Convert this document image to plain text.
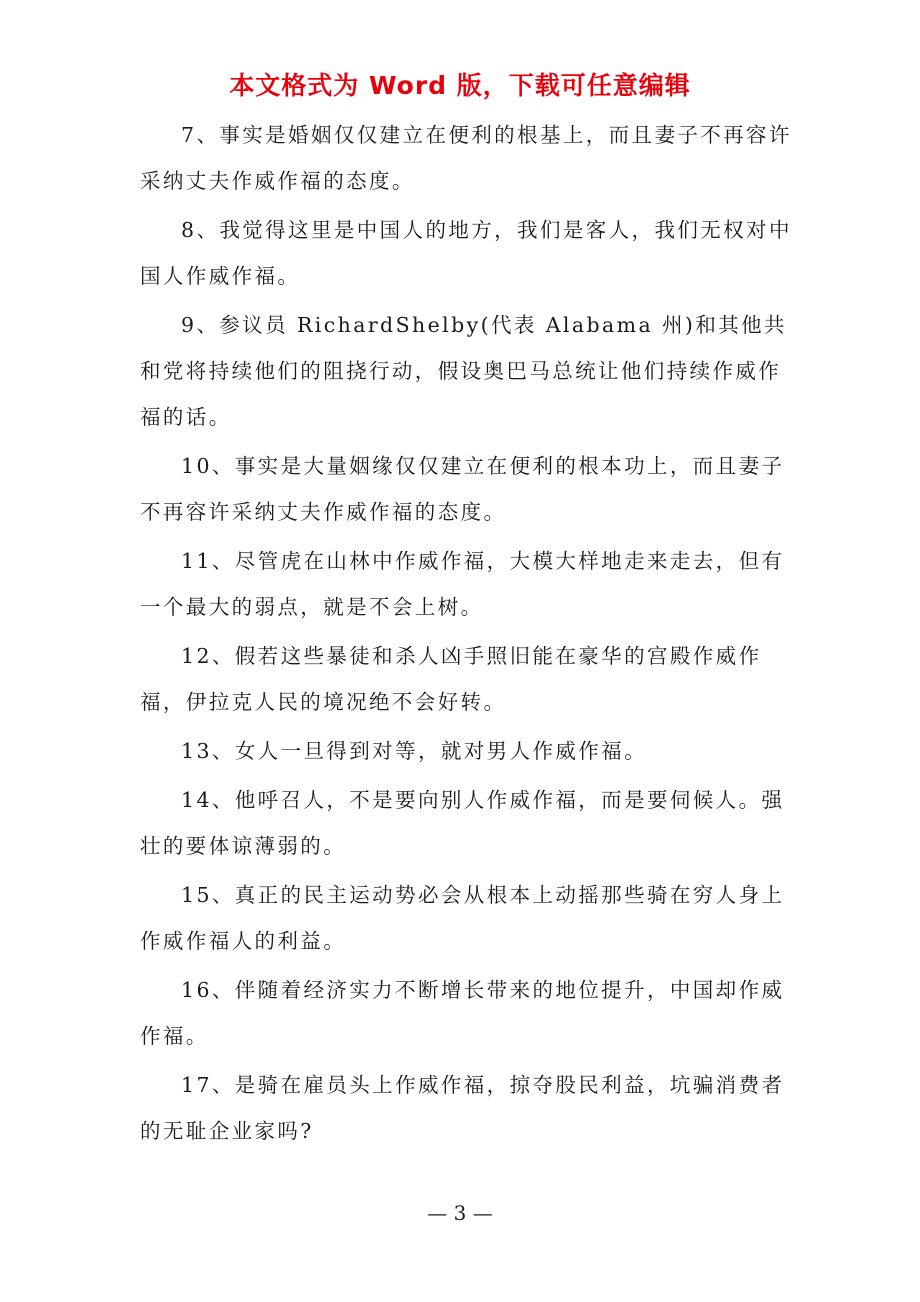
本文格式为 Word 版，下载可任意编辑

7、事实是婚姻仅仅建立在便利的根基上，而且妻子不再容许采纳丈夫作威作福的态度。

8、我觉得这里是中国人的地方，我们是客人，我们无权对中国人作威作福。

9、参议员 RichardShelby(代表 Alabama 州)和其他共和党将持续他们的阻挠行动，假设奥巴马总统让他们持续作威作福的话。

10、事实是大量姻缘仅仅建立在便利的根本功上，而且妻子不再容许采纳丈夫作威作福的态度。

11、尽管虎在山林中作威作福，大模大样地走来走去，但有一个最大的弱点，就是不会上树。

12、假若这些暴徒和杀人凶手照旧能在豪华的宫殿作威作福，伊拉克人民的境况绝不会好转。

13、女人一旦得到对等，就对男人作威作福。

14、他呼召人，不是要向别人作威作福，而是要伺候人。强壮的要体谅薄弱的。

15、真正的民主运动势必会从根本上动摇那些骑在穷人身上作威作福人的利益。

16、伴随着经济实力不断增长带来的地位提升，中国却作威作福。

17、是骑在雇员头上作威作福，掠夺股民利益，坑骗消费者的无耻企业家吗?

— 3 —
